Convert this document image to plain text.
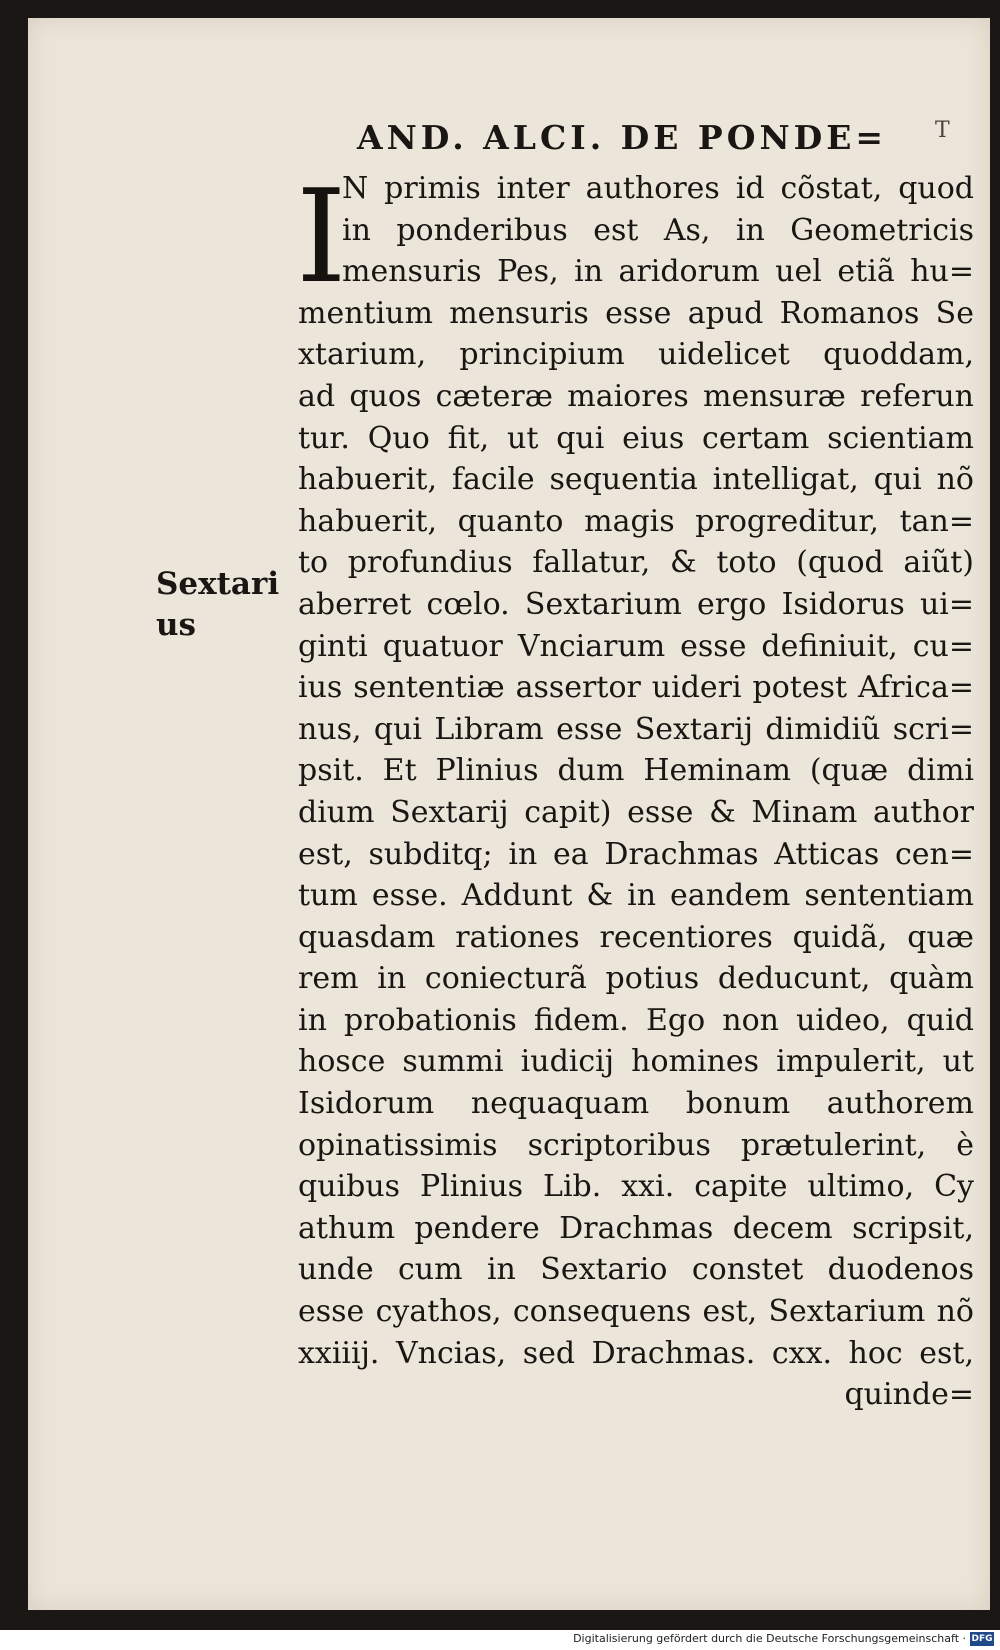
AND. ALCI. DE PONDE= T
I
N primis inter authores id cõstat, quod
in ponderibus est As, in Geometricis
mensuris Pes, in aridorum uel etiã hu=
mentium mensuris esse apud Romanos Se
xtarium, principium uidelicet quoddam,
ad quos cæteræ maiores mensuræ referun
tur. Quo fit, ut qui eius certam scientiam
habuerit, facile sequentia intelligat, qui nõ
habuerit, quanto magis progreditur, tan=
to profundius fallatur, & toto (quod aiũt)
aberret cœlo. Sextarium ergo Isidorus ui=
ginti quatuor Vnciarum esse definiuit, cu=
ius sententiæ assertor uideri potest Africa=
nus, qui Libram esse Sextarij dimidiũ scri=
psit. Et Plinius dum Heminam (quæ dimi
dium Sextarij capit) esse & Minam author
est, subditq; in ea Drachmas Atticas cen=
tum esse. Addunt & in eandem sententiam
quasdam rationes recentiores quidã, quæ
rem in coniecturã potius deducunt, quàm
in probationis fidem. Ego non uideo, quid
hosce summi iudicij homines impulerit, ut
Isidorum nequaquam bonum authorem
opinatissimis scriptoribus prætulerint, è
quibus Plinius Lib. xxi. capite ultimo, Cy
athum pendere Drachmas decem scripsit,
unde cum in Sextario constet duodenos
esse cyathos, consequens est, Sextarium nõ
xxiiij. Vncias, sed Drachmas. cxx. hoc est,
quinde=
Sextari
us
Digitalisierung gefördert durch die Deutsche Forschungsgemeinschaft · DFG
